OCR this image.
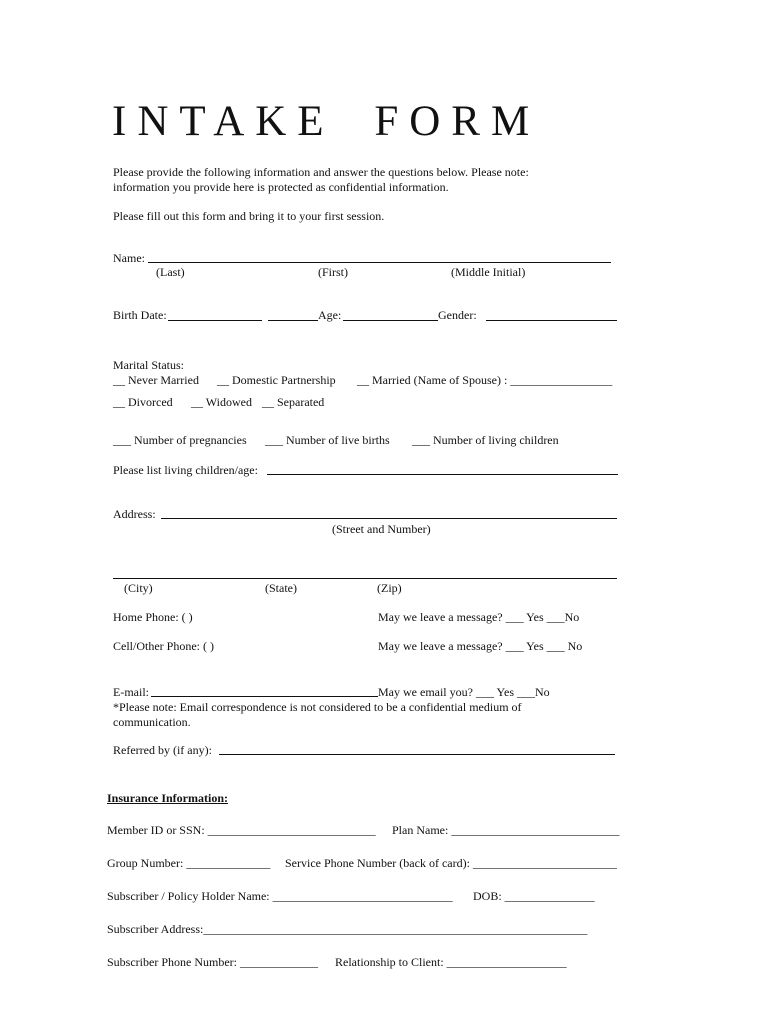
INTAKE FORM
Please provide the following information and answer the questions below. Please note:
information you provide here is protected as confidential information.
Please fill out this form and bring it to your first session.
Name:
(Last)	(First)	(Middle Initial)
Birth Date:	Age:	Gender:
Marital Status:
__ Never Married __ Domestic Partnership __ Married (Name of Spouse) : _________________
__ Divorced __ Widowed __ Separated
___ Number of pregnancies ___ Number of live births ___ Number of living children
Please list living children/age:
Address:
(Street and Number)
(City)	(State)	(Zip)
Home Phone: ( )	May we leave a message? ___ Yes ___No
Cell/Other Phone: ( )	May we leave a message? ___ Yes ___ No
E-mail:	May we email you? ___ Yes ___No
*Please note: Email correspondence is not considered to be a confidential medium of
communication.
Referred by (if any):
Insurance Information:
Member ID or SSN: ____________________________ Plan Name: ____________________________
Group Number: ______________ Service Phone Number (back of card): ________________________
Subscriber / Policy Holder Name: ______________________________ DOB: _______________
Subscriber Address:________________________________________________________________
Subscriber Phone Number: _____________ Relationship to Client: ____________________
